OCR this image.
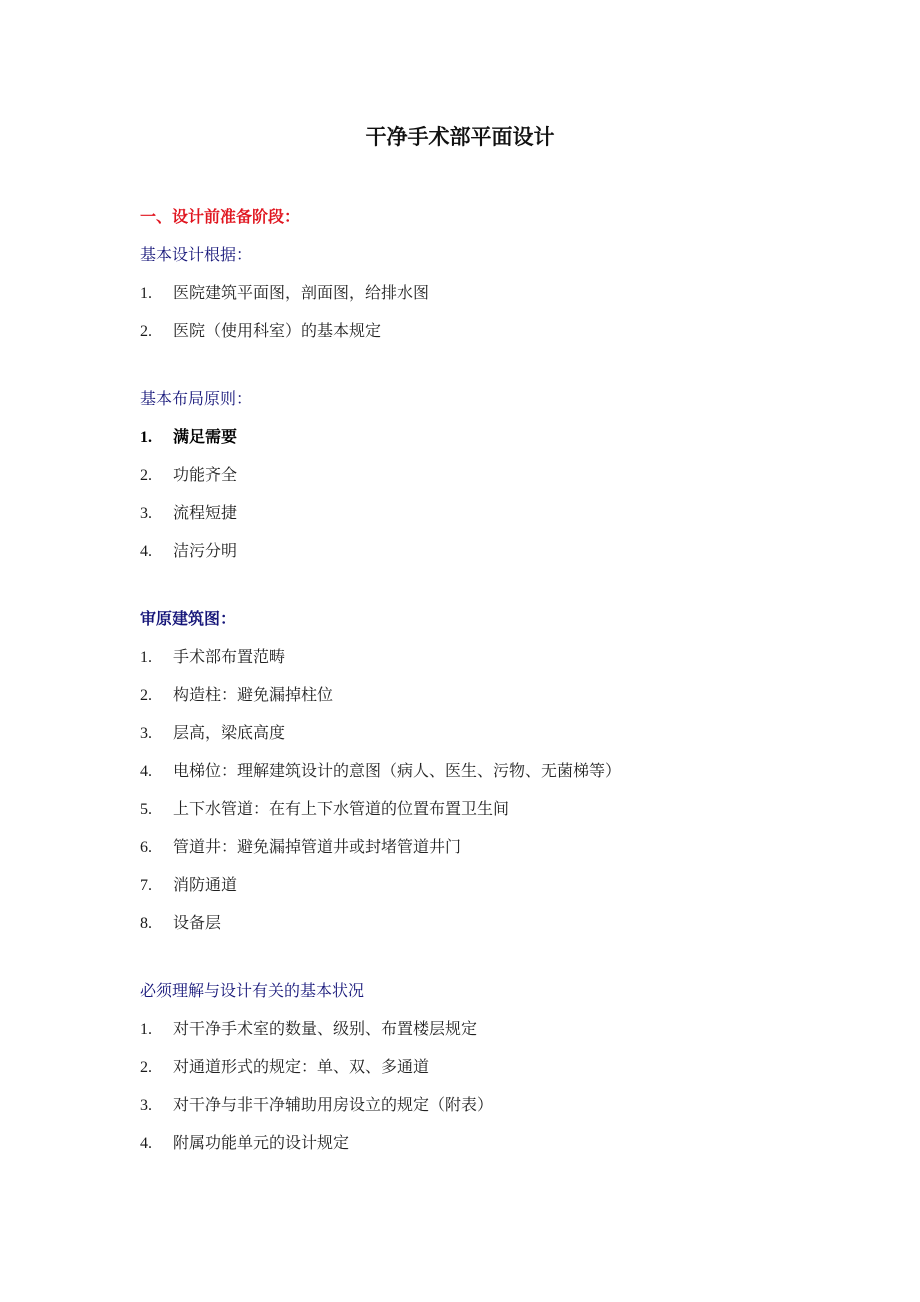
干净手术部平面设计
一、设计前准备阶段：
基本设计根据：
1.	医院建筑平面图，剖面图，给排水图
2.	医院（使用科室）的基本规定
基本布局原则：
1.	满足需要
2.	功能齐全
3.	流程短捷
4.	洁污分明
审原建筑图：
1.	手术部布置范畴
2.	构造柱：避免漏掉柱位
3.	层高，梁底高度
4.	电梯位：理解建筑设计的意图（病人、医生、污物、无菌梯等）
5.	上下水管道：在有上下水管道的位置布置卫生间
6.	管道井：避免漏掉管道井或封堵管道井门
7.	消防通道
8.	设备层
必须理解与设计有关的基本状况
1.	对干净手术室的数量、级别、布置楼层规定
2.	对通道形式的规定：单、双、多通道
3.	对干净与非干净辅助用房设立的规定（附表）
4.	附属功能单元的设计规定
